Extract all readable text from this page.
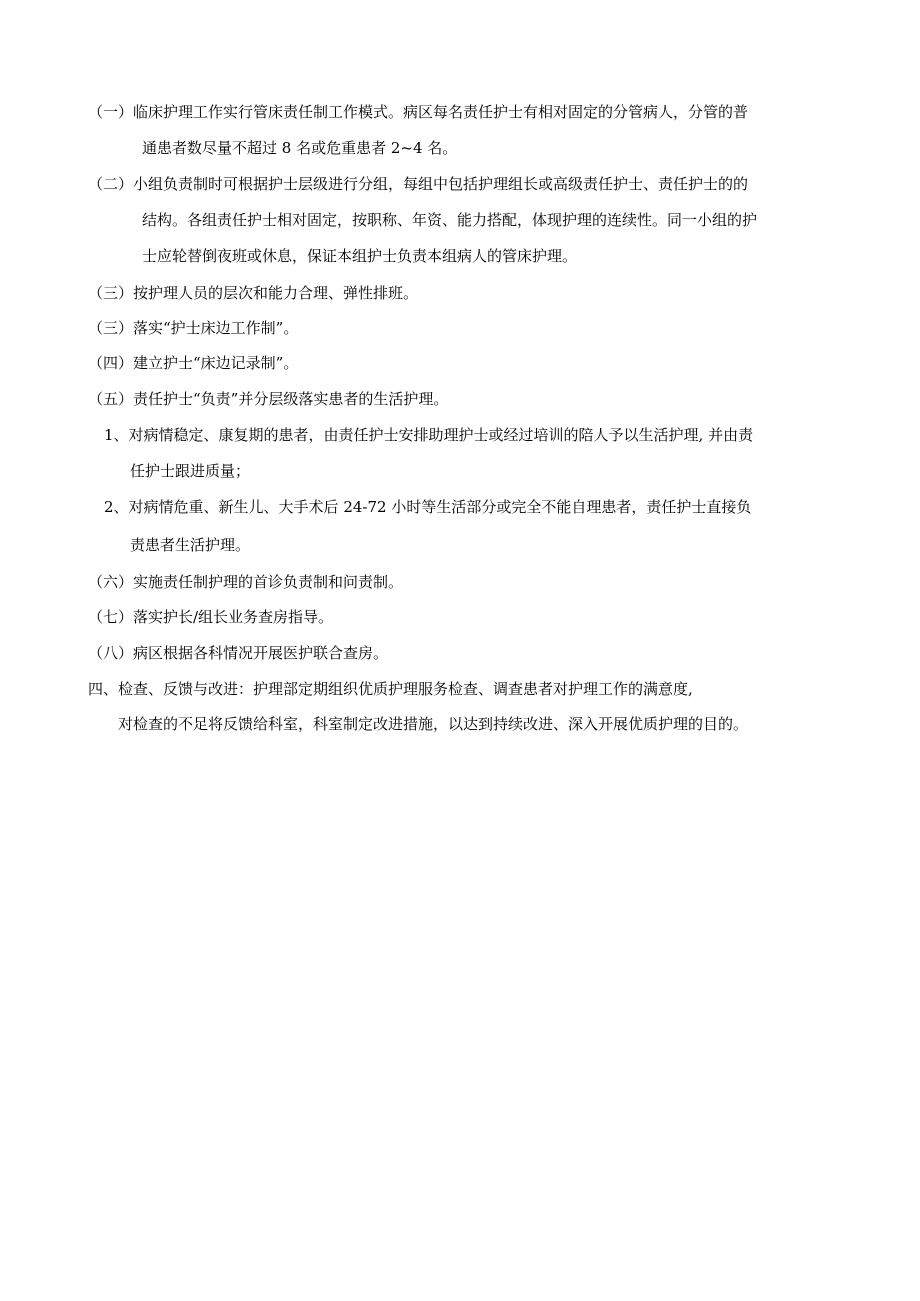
（一）临床护理工作实行管床责任制工作模式。病区每名责任护士有相对固定的分管病人，分管的普
通患者数尽量不超过 8 名或危重患者 2~4 名。
（二）小组负责制时可根据护士层级进行分组，每组中包括护理组长或高级责任护士、责任护士的的
结构。各组责任护士相对固定，按职称、年资、能力搭配，体现护理的连续性。同一小组的护
士应轮替倒夜班或休息，保证本组护士负责本组病人的管床护理。
（三）按护理人员的层次和能力合理、弹性排班。
（三）落实“护士床边工作制”。
（四）建立护士“床边记录制”。
（五）责任护士“负责”并分层级落实患者的生活护理。
1、对病情稳定、康复期的患者，由责任护士安排助理护士或经过培训的陪人予以生活护理, 并由责
任护士跟进质量；
2、对病情危重、新生儿、大手术后 24-72 小时等生活部分或完全不能自理患者，责任护士直接负
责患者生活护理。
（六）实施责任制护理的首诊负责制和问责制。
（七）落实护长/组长业务查房指导。
（八）病区根据各科情况开展医护联合查房。
四、检查、反馈与改进：护理部定期组织优质护理服务检查、调查患者对护理工作的满意度,
对检查的不足将反馈给科室，科室制定改进措施，以达到持续改进、深入开展优质护理的目的。
